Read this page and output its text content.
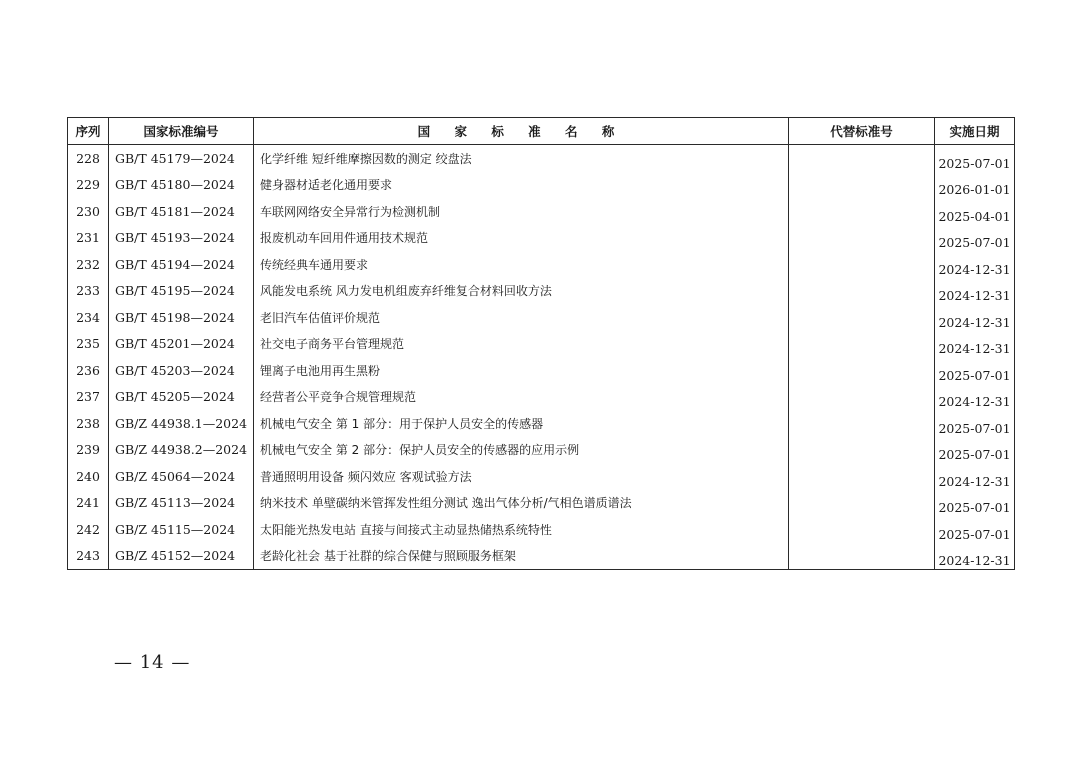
序列	国家标准编号	国 家 标 准 名 称	代替标准号	实施日期
228	GB/T 45179—2024	化学纤维 短纤维摩擦因数的测定 绞盘法		2025-07-01
229	GB/T 45180—2024	健身器材适老化通用要求		2026-01-01
230	GB/T 45181—2024	车联网网络安全异常行为检测机制		2025-04-01
231	GB/T 45193—2024	报废机动车回用件通用技术规范		2025-07-01
232	GB/T 45194—2024	传统经典车通用要求		2024-12-31
233	GB/T 45195—2024	风能发电系统 风力发电机组废弃纤维复合材料回收方法		2024-12-31
234	GB/T 45198—2024	老旧汽车估值评价规范		2024-12-31
235	GB/T 45201—2024	社交电子商务平台管理规范		2024-12-31
236	GB/T 45203—2024	锂离子电池用再生黑粉		2025-07-01
237	GB/T 45205—2024	经营者公平竞争合规管理规范		2024-12-31
238	GB/Z 44938.1—2024	机械电气安全 第 1 部分：用于保护人员安全的传感器		2025-07-01
239	GB/Z 44938.2—2024	机械电气安全 第 2 部分：保护人员安全的传感器的应用示例		2025-07-01
240	GB/Z 45064—2024	普通照明用设备 频闪效应 客观试验方法		2024-12-31
241	GB/Z 45113—2024	纳米技术 单壁碳纳米管挥发性组分测试 逸出气体分析/气相色谱质谱法		2025-07-01
242	GB/Z 45115—2024	太阳能光热发电站 直接与间接式主动显热储热系统特性		2025-07-01
243	GB/Z 45152—2024	老龄化社会 基于社群的综合保健与照顾服务框架		2024-12-31
— 14 —
